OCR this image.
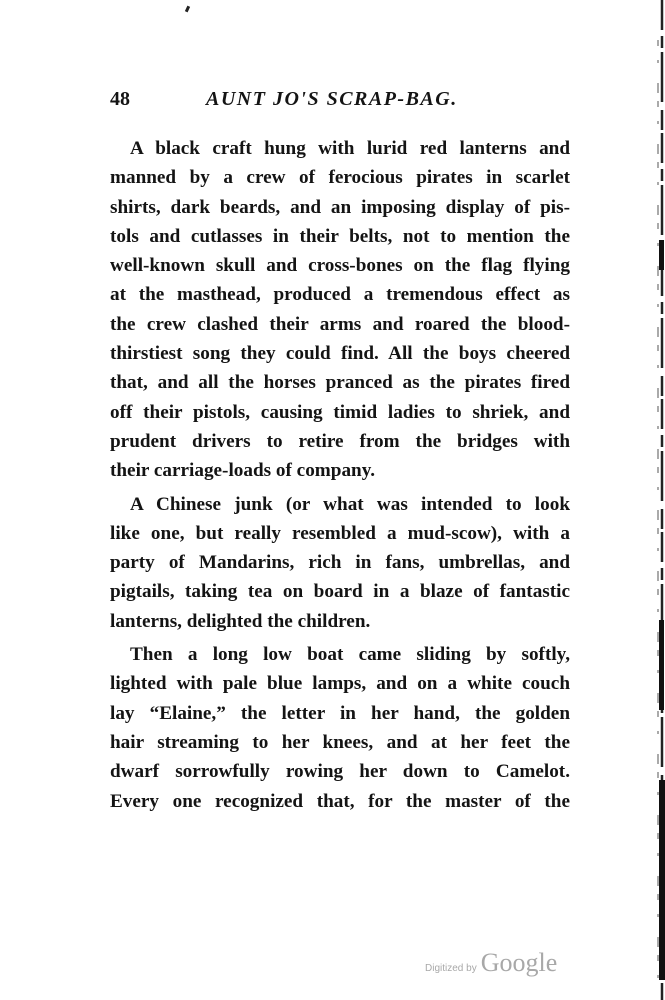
48	AUNT JO'S SCRAP-BAG.
A black craft hung with lurid red lanterns and
manned by a crew of ferocious pirates in scarlet
shirts, dark beards, and an imposing display of pis-
tols and cutlasses in their belts, not to mention the
well-known skull and cross-bones on the flag flying
at the masthead, produced a tremendous effect as
the crew clashed their arms and roared the blood-
thirstiest song they could find. All the boys cheered
that, and all the horses pranced as the pirates fired
off their pistols, causing timid ladies to shriek, and
prudent drivers to retire from the bridges with
their carriage-loads of company.
A Chinese junk (or what was intended to look
like one, but really resembled a mud-scow), with a
party of Mandarins, rich in fans, umbrellas, and
pigtails, taking tea on board in a blaze of fantastic
lanterns, delighted the children.
Then a long low boat came sliding by softly,
lighted with pale blue lamps, and on a white couch
lay “Elaine,” the letter in her hand, the golden
hair streaming to her knees, and at her feet the
dwarf sorrowfully rowing her down to Camelot.
Every one recognized that, for the master of the
Digitized by Google
